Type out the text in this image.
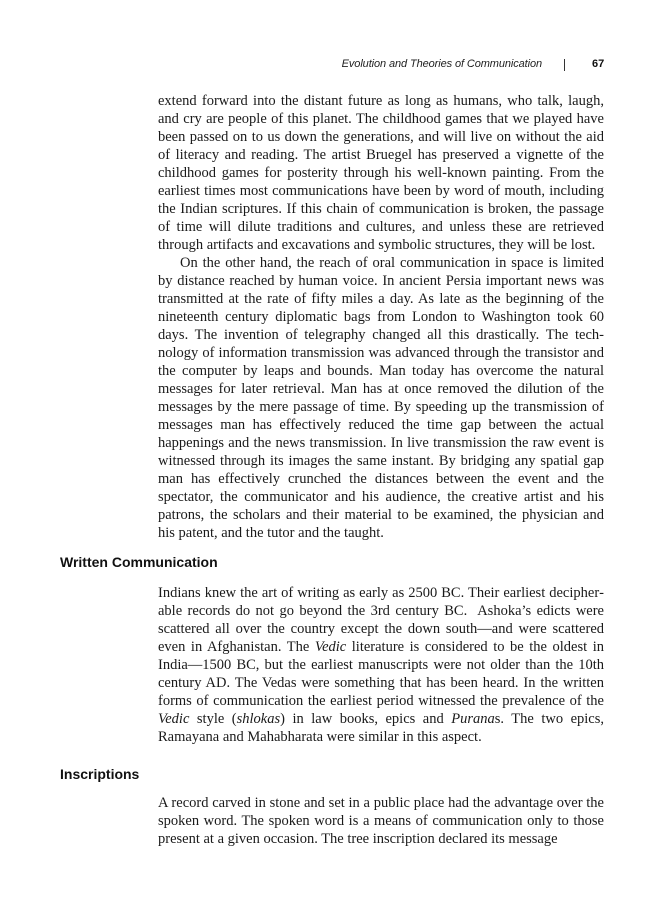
Evolution and Theories of Communication	67

extend forward into the distant future as long as humans, who talk, laugh, and cry are people of this planet. The childhood games that we played have been passed on to us down the generations, and will live on without the aid of literacy and reading. The artist Bruegel has preserved a vignette of the childhood games for posterity through his well-known painting. From the earliest times most communications have been by word of mouth, including the Indian scriptures. If this chain of communication is broken, the passage of time will dilute traditions and cultures, and unless these are retrieved through artifacts and excavations and symbolic structures, they will be lost.

On the other hand, the reach of oral communication in space is limited by distance reached by human voice. In ancient Persia important news was transmitted at the rate of fifty miles a day. As late as the beginning of the nineteenth century diplomatic bags from London to Washington took 60 days. The invention of telegraphy changed all this drastically. The technology of information transmission was advanced through the transistor and the computer by leaps and bounds. Man today has overcome the natural messages for later retrieval. Man has at once removed the dilution of the messages by the mere passage of time. By speeding up the transmission of messages man has effectively reduced the time gap between the actual happenings and the news transmission. In live transmission the raw event is witnessed through its images the same instant. By bridging any spatial gap man has effectively crunched the distances between the event and the spectator, the communicator and his audience, the creative artist and his patrons, the scholars and their material to be examined, the physician and his patent, and the tutor and the taught.

Written Communication

Indians knew the art of writing as early as 2500 BC. Their earliest decipherable records do not go beyond the 3rd century BC.  Ashoka’s edicts were scattered all over the country except the down south—and were scattered even in Afghanistan. The Vedic literature is considered to be the oldest in India—1500 BC, but the earliest manuscripts were not older than the 10th century AD. The Vedas were something that has been heard. In the written forms of communication the earliest period witnessed the prevalence of the Vedic style (shlokas) in law books, epics and Puranas. The two epics, Ramayana and Mahabharata were similar in this aspect.

Inscriptions

A record carved in stone and set in a public place had the advantage over the spoken word. The spoken word is a means of communication only to those present at a given occasion. The tree inscription declared its message
